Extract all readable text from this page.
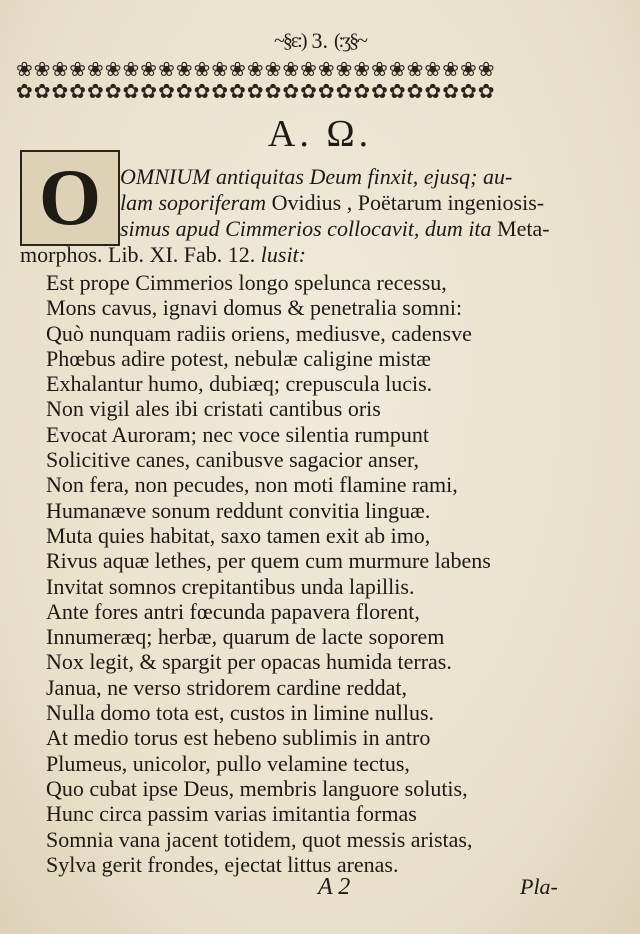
~§ɛ:) 3. (:ʒ§~
❀❀❀❀❀❀❀❀❀❀❀❀❀❀❀❀❀❀❀❀❀❀❀❀❀❀❀
✿✿✿✿✿✿✿✿✿✿✿✿✿✿✿✿✿✿✿✿✿✿✿✿✿✿✿
A. Ω.
O OMNIUM antiquitas Deum finxit, ejusq; au-
lam soporiferam Ovidius , Poëtarum ingeniosis-
simus apud Cimmerios collocavit, dum ita Meta-
morphos. Lib. XI. Fab. 12. lusit:
Est prope Cimmerios longo spelunca recessu,
Mons cavus, ignavi domus & penetralia somni:
Quò nunquam radiis oriens, mediusve, cadensve
Phœbus adire potest, nebulæ caligine mistæ
Exhalantur humo, dubiæq; crepuscula lucis.
Non vigil ales ibi cristati cantibus oris
Evocat Auroram; nec voce silentia rumpunt
Solicitive canes, canibusve sagacior anser,
Non fera, non pecudes, non moti flamine rami,
Humanæve sonum reddunt convitia linguæ.
Muta quies habitat, saxo tamen exit ab imo,
Rivus aquæ lethes, per quem cum murmure labens
Invitat somnos crepitantibus unda lapillis.
Ante fores antri fœcunda papavera florent,
Innumeræq; herbæ, quarum de lacte soporem
Nox legit, & spargit per opacas humida terras.
Janua, ne verso stridorem cardine reddat,
Nulla domo tota est, custos in limine nullus.
At medio torus est hebeno sublimis in antro
Plumeus, unicolor, pullo velamine tectus,
Quo cubat ipse Deus, membris languore solutis,
Hunc circa passim varias imitantia formas
Somnia vana jacent totidem, quot messis aristas,
Sylva gerit frondes, ejectat littus arenas.
A 2	Pla-
